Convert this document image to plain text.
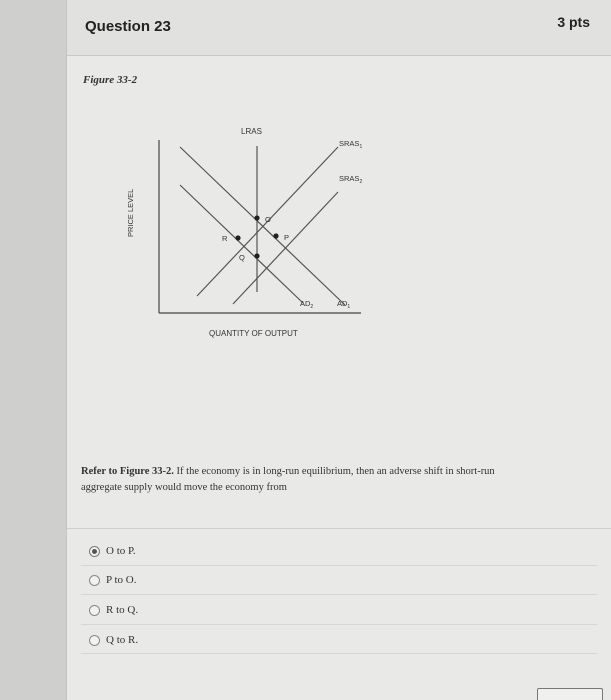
Question 23	3 pts
Figure 33-2
LRAS
$SRAS_1$
$SRAS_2$
$AD_2$	$AD_1$
PRICE LEVEL
QUANTITY OF OUTPUT
O
P
R
Q
Refer to Figure 33-2. If the economy is in long-run equilibrium, then an adverse shift in short-run aggregate supply would move the economy from
O to P.
P to O.
R to Q.
Q to R.
